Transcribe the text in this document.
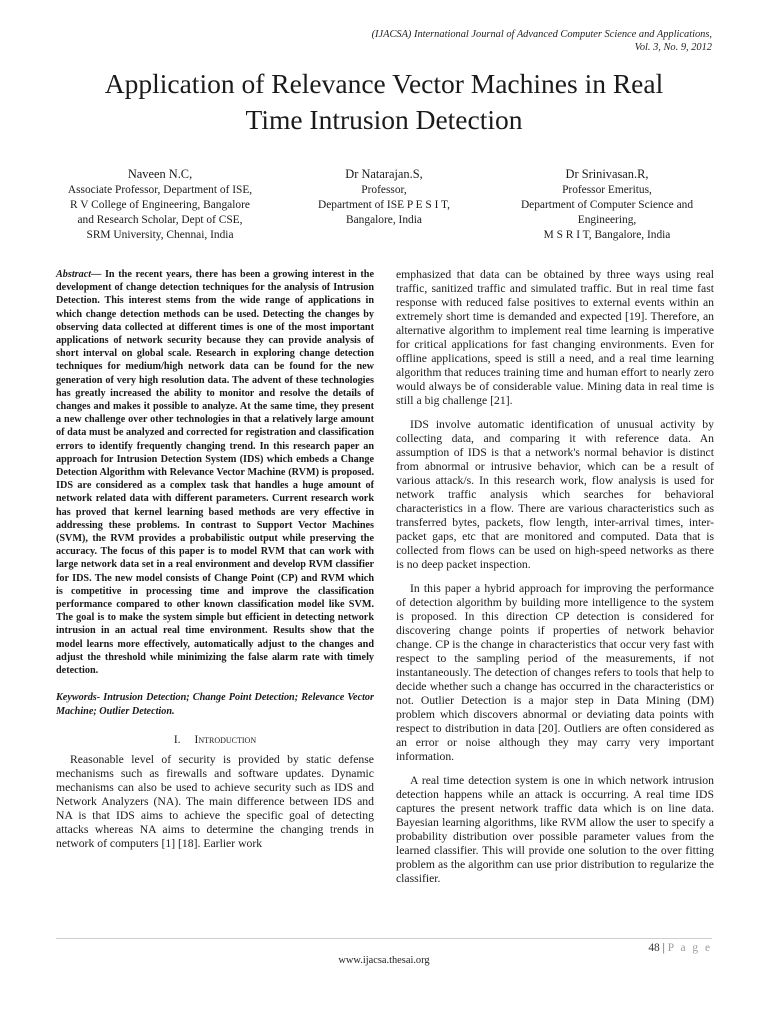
(IJACSA) International Journal of Advanced Computer Science and Applications,
Vol. 3, No. 9, 2012
Application of Relevance Vector Machines in Real
Time Intrusion Detection
Naveen N.C,
Associate Professor, Department of ISE,
R V College of Engineering, Bangalore
and Research Scholar, Dept of CSE,
SRM University, Chennai, India
Dr Natarajan.S,
Professor,
Department of ISE P E S I T,
Bangalore, India
Dr Srinivasan.R,
Professor Emeritus,
Department of Computer Science and
Engineering,
M S R I T, Bangalore, India

Abstract— In the recent years, there has been a growing interest in the development of change detection techniques for the analysis of Intrusion Detection. This interest stems from the wide range of applications in which change detection methods can be used. Detecting the changes by observing data collected at different times is one of the most important applications of network security because they can provide analysis of short interval on global scale. Research in exploring change detection techniques for medium/high network data can be found for the new generation of very high resolution data. The advent of these technologies has greatly increased the ability to monitor and resolve the details of changes and makes it possible to analyze. At the same time, they present a new challenge over other technologies in that a relatively large amount of data must be analyzed and corrected for registration and classification errors to identify frequently changing trend. In this research paper an approach for Intrusion Detection System (IDS) which embeds a Change Detection Algorithm with Relevance Vector Machine (RVM) is proposed. IDS are considered as a complex task that handles a huge amount of network related data with different parameters. Current research work has proved that kernel learning based methods are very effective in addressing these problems. In contrast to Support Vector Machines (SVM), the RVM provides a probabilistic output while preserving the accuracy. The focus of this paper is to model RVM that can work with large network data set in a real environment and develop RVM classifier for IDS. The new model consists of Change Point (CP) and RVM which is competitive in processing time and improve the classification performance compared to other known classification model like SVM. The goal is to make the system simple but efficient in detecting network intrusion in an actual real time environment. Results show that the model learns more effectively, automatically adjust to the changes and adjust the threshold while minimizing the false alarm rate with timely detection.

Keywords- Intrusion Detection; Change Point Detection; Relevance Vector Machine; Outlier Detection.

I. Introduction

Reasonable level of security is provided by static defense mechanisms such as firewalls and software updates. Dynamic mechanisms can also be used to achieve security such as IDS and Network Analyzers (NA). The main difference between IDS and NA is that IDS aims to achieve the specific goal of detecting attacks whereas NA aims to determine the changing trends in network of computers [1] [18]. Earlier work

emphasized that data can be obtained by three ways using real traffic, sanitized traffic and simulated traffic. But in real time fast response with reduced false positives to external events within an extremely short time is demanded and expected [19]. Therefore, an alternative algorithm to implement real time learning is imperative for critical applications for fast changing environments. Even for offline applications, speed is still a need, and a real time learning algorithm that reduces training time and human effort to nearly zero would always be of considerable value. Mining data in real time is still a big challenge [21].

IDS involve automatic identification of unusual activity by collecting data, and comparing it with reference data. An assumption of IDS is that a network's normal behavior is distinct from abnormal or intrusive behavior, which can be a result of various attack/s. In this research work, flow analysis is used for network traffic analysis which searches for behavioral characteristics in a flow. There are various characteristics such as transferred bytes, packets, flow length, inter-arrival times, inter-packet gaps, etc that are monitored and computed. Data that is collected from flows can be used on high-speed networks as there is no deep packet inspection.

In this paper a hybrid approach for improving the performance of detection algorithm by building more intelligence to the system is proposed. In this direction CP detection is considered for discovering change points if properties of network behavior change. CP is the change in characteristics that occur very fast with respect to the sampling period of the measurements, if not instantaneously. The detection of changes refers to tools that help to decide whether such a change has occurred in the characteristics or not. Outlier Detection is a major step in Data Mining (DM) problem which discovers abnormal or deviating data points with respect to distribution in data [20]. Outliers are often considered as an error or noise although they may carry very important information.

A real time detection system is one in which network intrusion detection happens while an attack is occurring. A real time IDS captures the present network traffic data which is on line data. Bayesian learning algorithms, like RVM allow the user to specify a probability distribution over possible parameter values from the learned classifier. This will provide one solution to the over fitting problem as the algorithm can use prior distribution to regularize the classifier.

48 | P a g e
www.ijacsa.thesai.org
